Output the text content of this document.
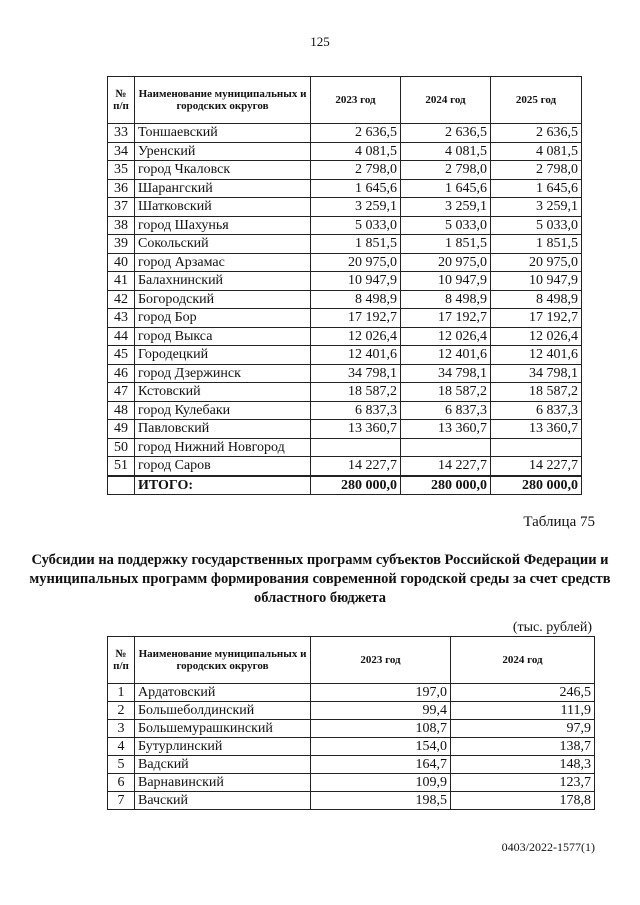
125
№ п/п	Наименование муниципальных и городских округов	2023 год	2024 год	2025 год
33	Тоншаевский	2 636,5	2 636,5	2 636,5
34	Уренский	4 081,5	4 081,5	4 081,5
35	город Чкаловск	2 798,0	2 798,0	2 798,0
36	Шарангский	1 645,6	1 645,6	1 645,6
37	Шатковский	3 259,1	3 259,1	3 259,1
38	город Шахунья	5 033,0	5 033,0	5 033,0
39	Сокольский	1 851,5	1 851,5	1 851,5
40	город Арзамас	20 975,0	20 975,0	20 975,0
41	Балахнинский	10 947,9	10 947,9	10 947,9
42	Богородский	8 498,9	8 498,9	8 498,9
43	город Бор	17 192,7	17 192,7	17 192,7
44	город Выкса	12 026,4	12 026,4	12 026,4
45	Городецкий	12 401,6	12 401,6	12 401,6
46	город Дзержинск	34 798,1	34 798,1	34 798,1
47	Кстовский	18 587,2	18 587,2	18 587,2
48	город Кулебаки	6 837,3	6 837,3	6 837,3
49	Павловский	13 360,7	13 360,7	13 360,7
50	город Нижний Новгород			
51	город Саров	14 227,7	14 227,7	14 227,7
	ИТОГО:	280 000,0	280 000,0	280 000,0
Таблица 75
Субсидии на поддержку государственных программ субъектов Российской Федерации и муниципальных программ формирования современной городской среды за счет средств областного бюджета
(тыс. рублей)
№ п/п	Наименование муниципальных и городских округов	2023 год	2024 год
1	Ардатовский	197,0	246,5
2	Большеболдинский	99,4	111,9
3	Большемурашкинский	108,7	97,9
4	Бутурлинский	154,0	138,7
5	Вадский	164,7	148,3
6	Варнавинский	109,9	123,7
7	Вачский	198,5	178,8
0403/2022-1577(1)
